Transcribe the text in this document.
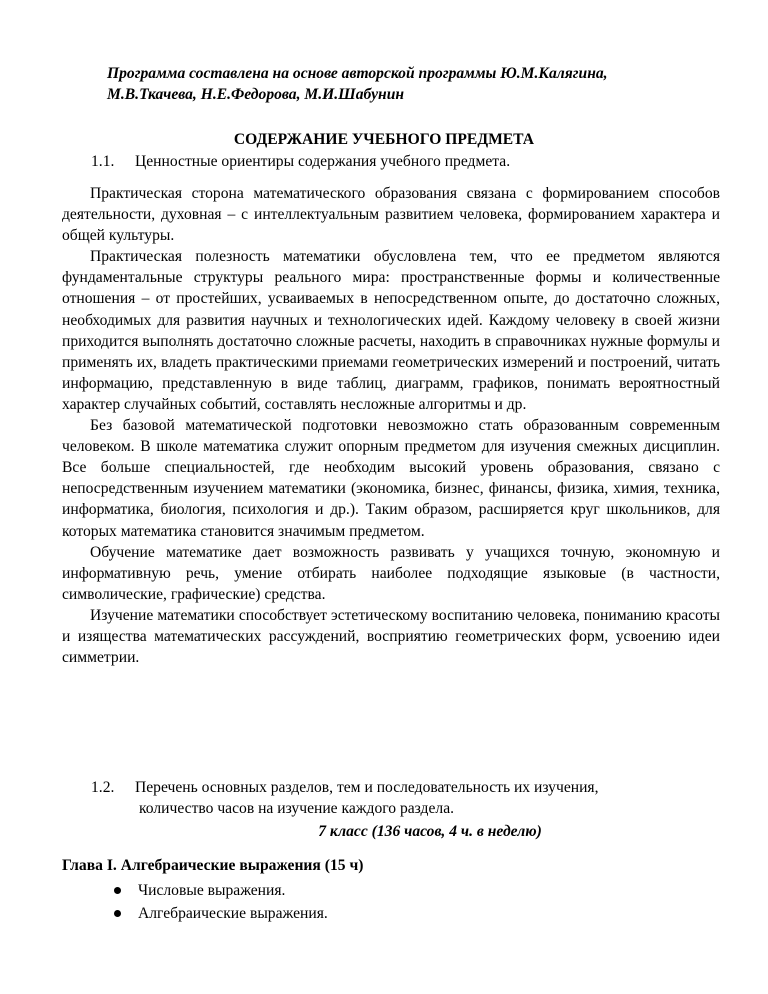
Программа составлена на основе авторской программы Ю.М.Калягина,
М.В.Ткачева, Н.Е.Федорова, М.И.Шабунин
СОДЕРЖАНИЕ УЧЕБНОГО ПРЕДМЕТА
1.1. Ценностные ориентиры содержания учебного предмета.

Практическая сторона математического образования связана с формированием способов деятельности, духовная – с интеллектуальным развитием человека, формированием характера и общей культуры.

Практическая полезность математики обусловлена тем, что ее предметом являются фундаментальные структуры реального мира: пространственные формы и количественные отношения – от простейших, усваиваемых в непосредственном опыте, до достаточно сложных, необходимых для развития научных и технологических идей. Каждому человеку в своей жизни приходится выполнять достаточно сложные расчеты, находить в справочниках нужные формулы и применять их, владеть практическими приемами геометрических измерений и построений, читать информацию, представленную в виде таблиц, диаграмм, графиков, понимать вероятностный характер случайных событий, составлять несложные алгоритмы и др.

Без базовой математической подготовки невозможно стать образованным современным человеком. В школе математика служит опорным предметом для изучения смежных дисциплин. Все больше специальностей, где необходим высокий уровень образования, связано с непосредственным изучением математики (экономика, бизнес, финансы, физика, химия, техника, информатика, биология, психология и др.). Таким образом, расширяется круг школьников, для которых математика становится значимым предметом.

Обучение математике дает возможность развивать у учащихся точную, экономную и информативную речь, умение отбирать наиболее подходящие языковые (в частности, символические, графические) средства.

Изучение математики способствует эстетическому воспитанию человека, пониманию красоты и изящества математических рассуждений, восприятию геометрических форм, усвоению идеи симметрии.

1.2. Перечень основных разделов, тем и последовательность их изучения,
количество часов на изучение каждого раздела.
7 класс (136 часов, 4 ч. в неделю)
Глава I. Алгебраические выражения (15 ч)
Числовые выражения.
Алгебраические выражения.
